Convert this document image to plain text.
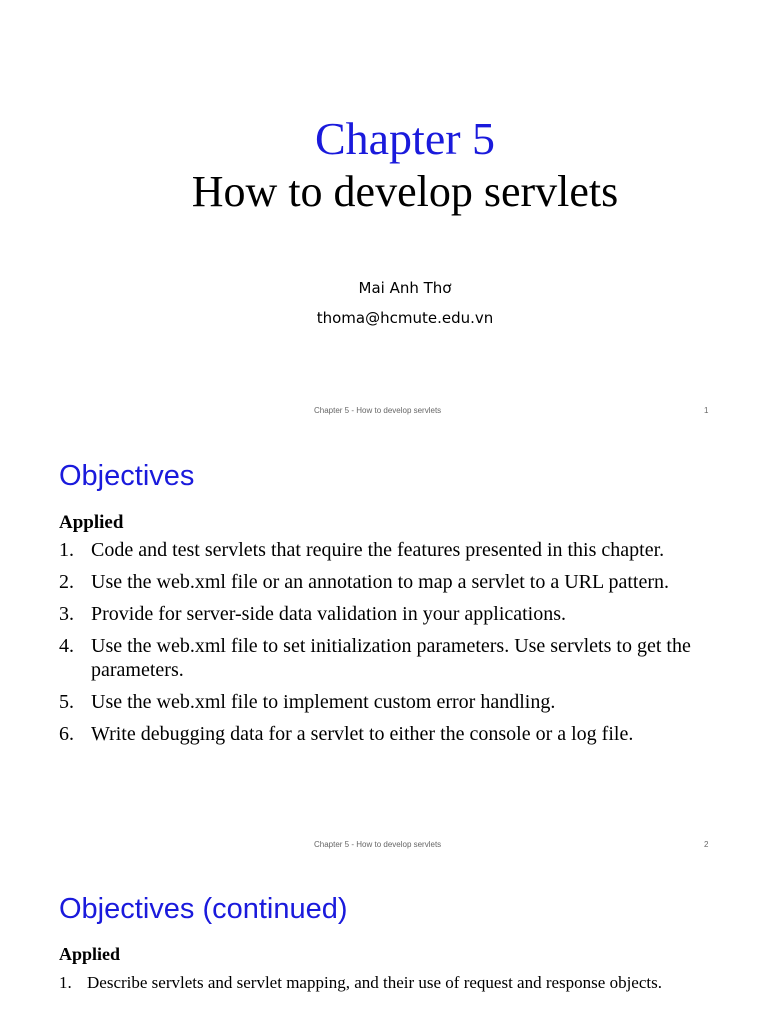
Chapter 5
How to develop servlets
Mai Anh Thơ
thoma@hcmute.edu.vn
Chapter 5 - How to develop servlets	1
Objectives
Applied
1. Code and test servlets that require the features presented in this chapter.
2. Use the web.xml file or an annotation to map a servlet to a URL pattern.
3. Provide for server-side data validation in your applications.
4. Use the web.xml file to set initialization parameters. Use servlets to get the parameters.
5. Use the web.xml file to implement custom error handling.
6. Write debugging data for a servlet to either the console or a log file.
Chapter 5 - How to develop servlets	2
Objectives (continued)
Applied
1. Describe servlets and servlet mapping, and their use of request and response objects.
